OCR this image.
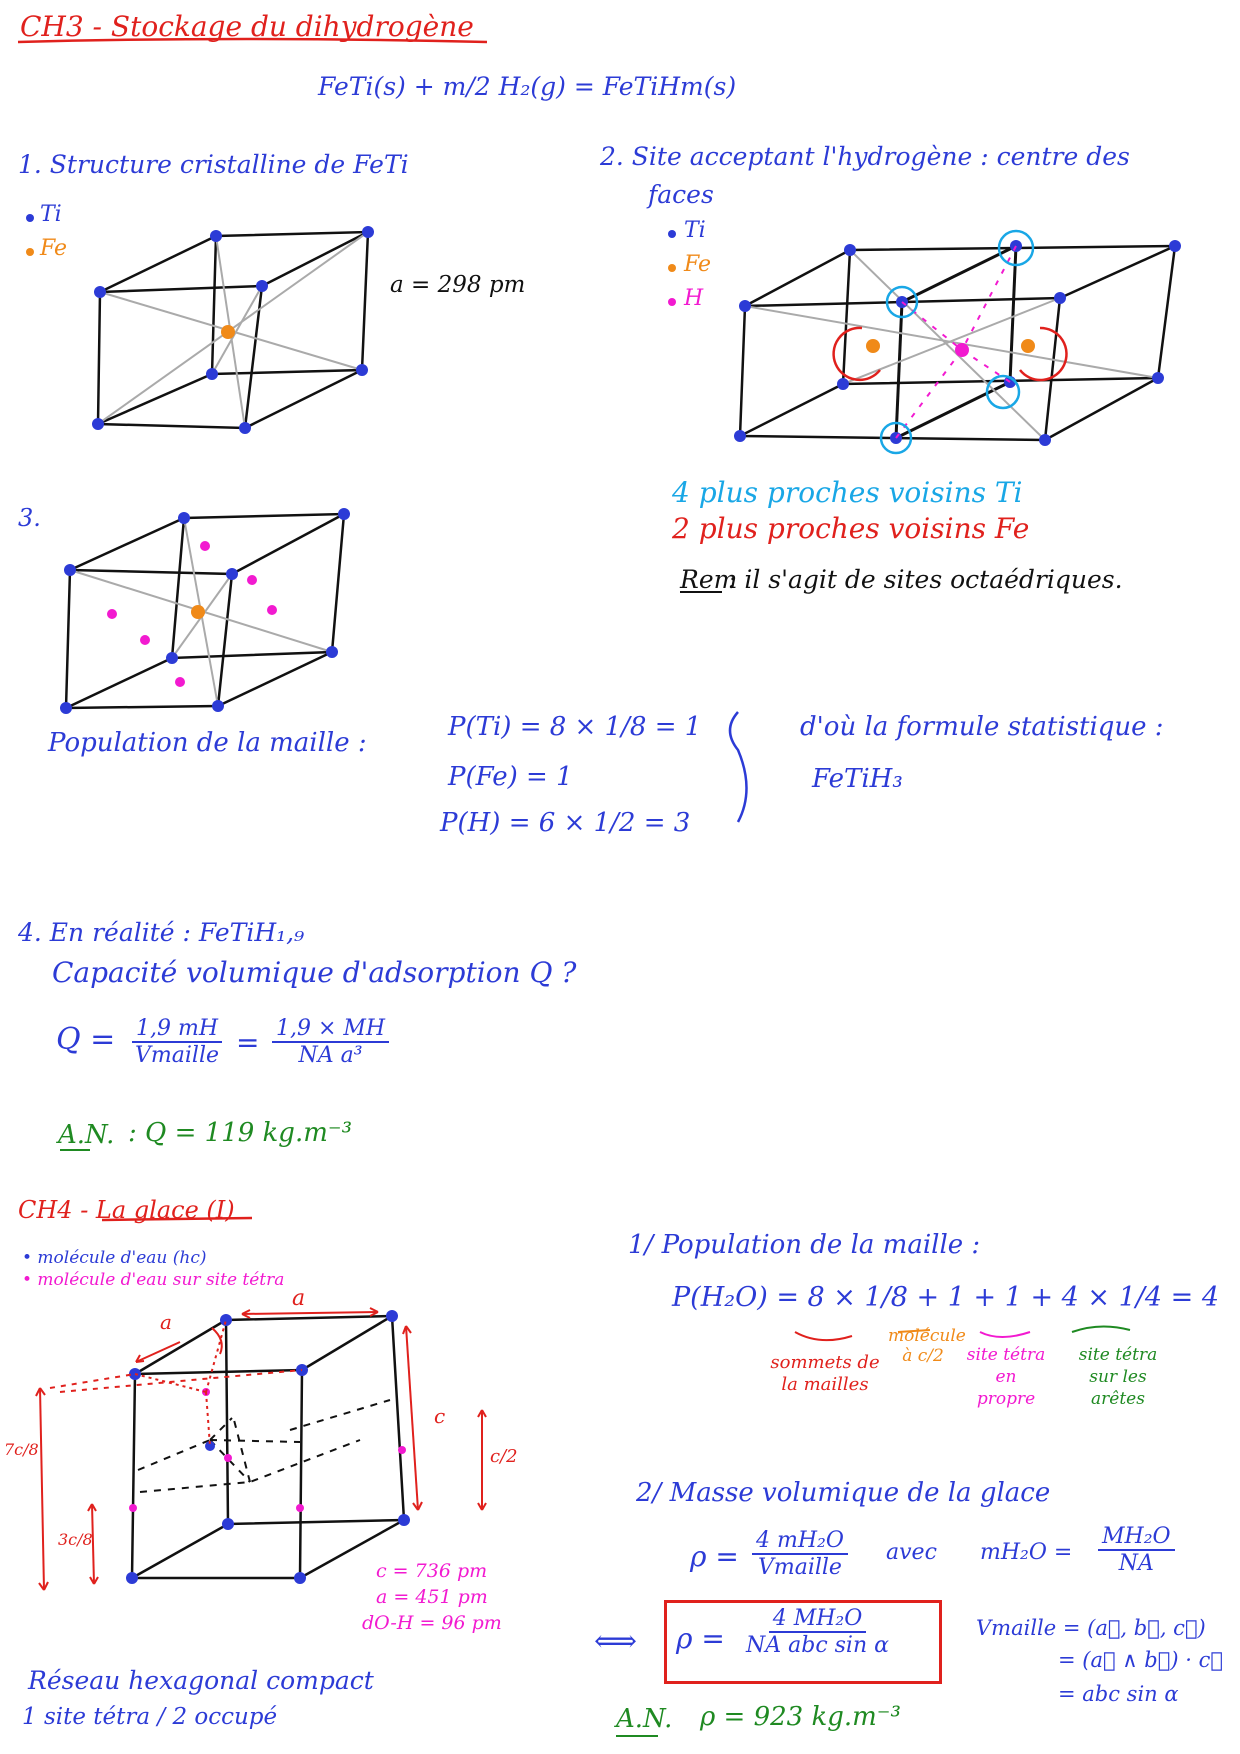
CH3 - Stockage du dihydrogène
FeTi(s) + m/2 H₂(g) = FeTiHm(s)
1. Structure cristalline de FeTi
Ti
Fe
a = 298 pm
2. Site acceptant l'hydrogène : centre des
faces
Ti
Fe
H
4 plus proches voisins Ti
2 plus proches voisins Fe
Rem
: il s'agit de sites octaédriques.
3.
Population de la maille :
P(Ti) = 8 × 1/8 = 1
P(Fe) = 1
P(H) = 6 × 1/2 = 3
d'où la formule statistique :
FeTiH₃
4. En réalité : FeTiH₁,₉
Capacité volumique d'adsorption Q ?
$Q = \frac{1,9 mH}{\text{Vmaille}} = \frac{1,9 \times MH}{\text{NA a³}}$
A.N. : Q = 119 kg.m⁻³
CH4 - La glace (I)
• molécule d'eau (hc)
• molécule d'eau sur site tétra
a
a
c
c/2
7c/8
3c/8
c = 736 pm
a = 451 pm
dO-H = 96 pm
Réseau hexagonal compact
1 site tétra / 2 occupé
1/ Population de la maille :
P(H₂O) = 8 × 1/8 + 1 + 1 + 4 × 1/4 = 4
sommets de la mailles
molécule à c/2	site tétra en propre
site tétra sur les arêtes
2/ Masse volumique de la glace
$\rho = \frac{\text{4 mH₂O}}{\text{Vmaille}}$ avec $mH_2O = \frac{\text{MH₂O}}{NA}$
Vmaille = (a⃗, b⃗, c⃗)
= (a⃗ ∧ b⃗) · c⃗
= abc sin α
⟺ $\rho = \frac{\text{4 MH₂O}}{\text{NA abc sin α}}$
A.N. ρ = 923 kg.m⁻³
